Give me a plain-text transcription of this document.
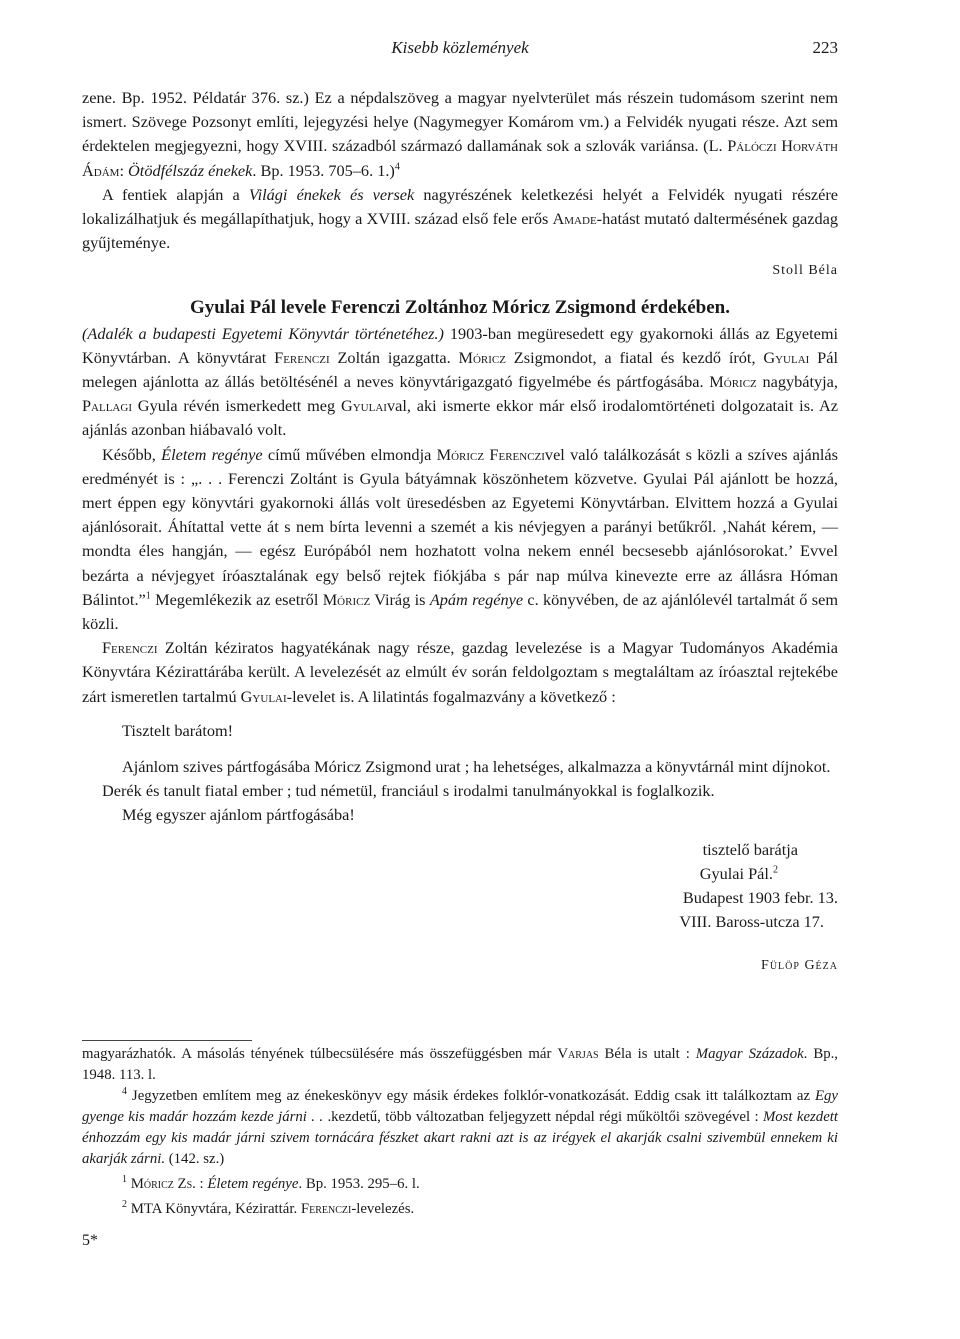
Kisebb közlemények	223

zene. Bp. 1952. Példatár 376. sz.) Ez a népdalszöveg a magyar nyelvterület más részein tudomásom szerint nem ismert. Szövege Pozsonyt említi, lejegyzési helye (Nagymegyer Komárom vm.) a Felvidék nyugati része. Azt sem érdektelen megjegyezni, hogy XVIII. századból származó dallamának sok a szlovák variánsa. (L. Pálóczi Horváth Ádám: Ötödfélszáz énekek. Bp. 1953. 705–6. 1.)$^4$

A fentiek alapján a Világi énekek és versek nagyrészének keletkezési helyét a Felvidék nyugati részére lokalizálhatjuk és megállapíthatjuk, hogy a XVIII. század első fele erős Amade-hatást mutató daltermésének gazdag gyűjteménye.

Stoll Béla
Gyulai Pál levele Ferenczi Zoltánhoz Móricz Zsigmond érdekében.

(Adalék a budapesti Egyetemi Könyvtár történetéhez.) 1903-ban megüresedett egy gyakornoki állás az Egyetemi Könyvtárban. A könyvtárat Ferenczi Zoltán igazgatta. Móricz Zsigmondot, a fiatal és kezdő írót, Gyulai Pál melegen ajánlotta az állás betöltésénél a neves könyvtárigazgató figyelmébe és pártfogásába. Móricz nagybátyja, Pallagi Gyula révén ismerkedett meg Gyulaival, aki ismerte ekkor már első irodalomtörténeti dolgozatait is. Az ajánlás azonban hiábavaló volt.

Később, Életem regénye című művében elmondja Móricz Ferenczivel való találkozását s közli a szíves ajánlás eredményét is : „. . . Ferenczi Zoltánt is Gyula bátyámnak köszönhetem közvetve. Gyulai Pál ajánlott be hozzá, mert éppen egy könyvtári gyakornoki állás volt üresedésben az Egyetemi Könyvtárban. Elvittem hozzá a Gyulai ajánlósorait. Áhítattal vette át s nem bírta levenni a szemét a kis névjegyen a parányi betűkről. ‚Nahát kérem, — mondta éles hangján, — egész Európából nem hozhatott volna nekem ennél becsesebb ajánlósorokat.’ Evvel bezárta a névjegyet íróasztalának egy belső rejtek fiókjába s pár nap múlva kinevezte erre az állásra Hóman Bálintot.”$^1$ Megemlékezik az esetről Móricz Virág is Apám regénye c. könyvében, de az ajánlólevél tartalmát ő sem közli.

Ferenczi Zoltán kéziratos hagyatékának nagy része, gazdag levelezése is a Magyar Tudományos Akadémia Könyvtára Kézirattárába került. A levelezését az elmúlt év során feldolgoztam s megtaláltam az íróasztal rejtekébe zárt ismeretlen tartalmú Gyulai-levelet is. A lilatintás fogalmazvány a következő :

Tisztelt barátom!

Ajánlom szives pártfogásába Móricz Zsigmond urat ; ha lehetséges, alkalmazza a könyvtárnál mint díjnokot. Derék és tanult fiatal ember ; tud németül, franciául s irodalmi tanulmányokkal is foglalkozik.

Még egyszer ajánlom pártfogásába!

tisztelő barátja
Gyulai Pál.$^2$
Budapest 1903 febr. 13.
VIII. Baross-utcza 17.
Fülöp Géza

magyarázhatók. A másolás tényének túlbecsülésére más összefüggésben már Varjas Béla is utalt : Magyar Századok. Bp., 1948. 113. l.

$^4$ Jegyzetben említem meg az énekeskönyv egy másik érdekes folklór-vonatkozását. Eddig csak itt találkoztam az Egy gyenge kis madár hozzám kezde járni . . .kezdetű, több változatban feljegyzett népdal régi műköltői szövegével : Most kezdett énhozzám egy kis madár járni szivem tornácára fészket akart rakni azt is az irégyek el akarják csalni szivembül ennekem ki akarják zárni. (142. sz.)

$^1$ Móricz Zs. : Életem regénye. Bp. 1953. 295–6. l.

$^2$ MTA Könyvtára, Kézirattár. Ferenczi-levelezés.

5*
